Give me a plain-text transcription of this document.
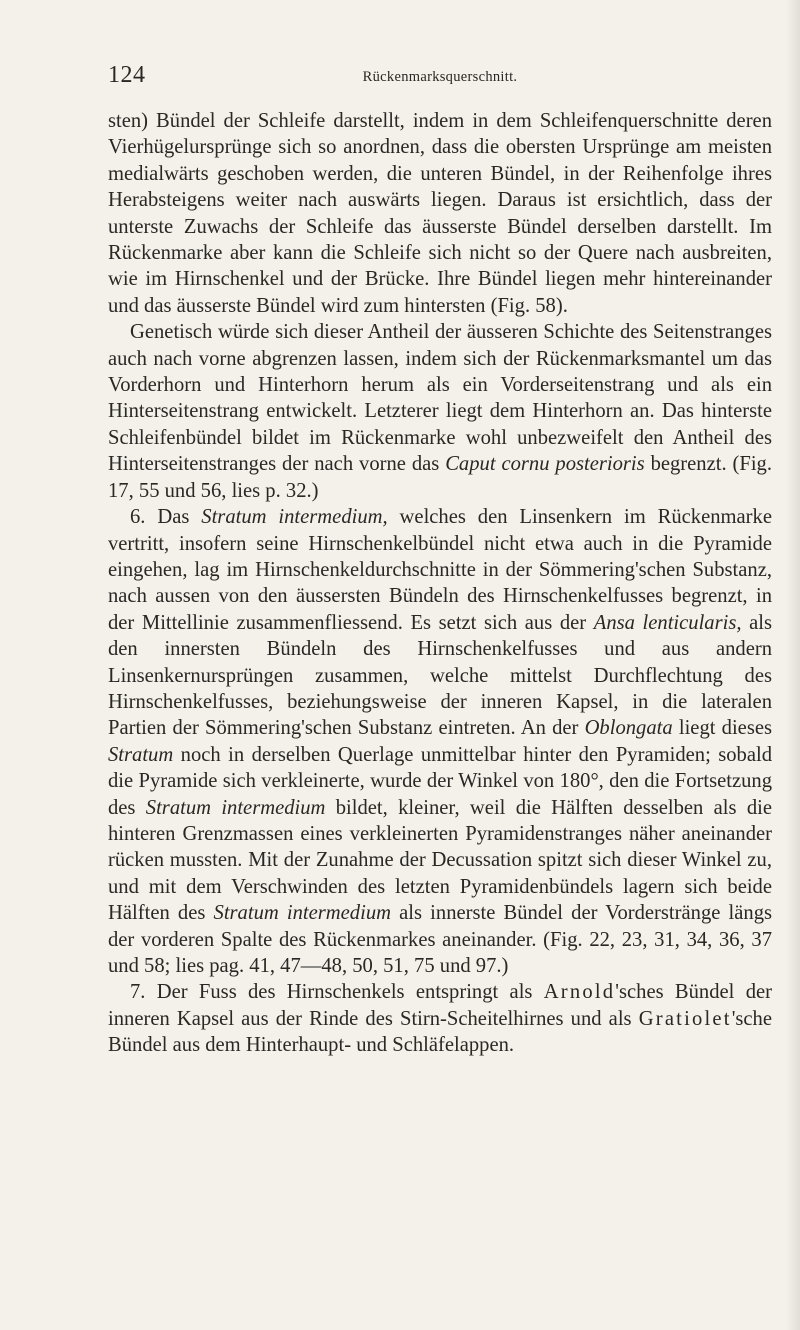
124	Rückenmarksquerschnitt.

sten) Bündel der Schleife darstellt, indem in dem Schleifenquerschnitte deren Vierhügelursprünge sich so anordnen, dass die obersten Ursprünge am meisten medialwärts geschoben werden, die unteren Bündel, in der Reihenfolge ihres Herabsteigens weiter nach auswärts liegen. Daraus ist ersichtlich, dass der unterste Zuwachs der Schleife das äusserste Bündel derselben darstellt. Im Rückenmarke aber kann die Schleife sich nicht so der Quere nach ausbreiten, wie im Hirnschenkel und der Brücke. Ihre Bündel liegen mehr hintereinander und das äusserste Bündel wird zum hintersten (Fig. 58).

Genetisch würde sich dieser Antheil der äusseren Schichte des Seitenstranges auch nach vorne abgrenzen lassen, indem sich der Rückenmarksmantel um das Vorderhorn und Hinterhorn herum als ein Vorderseitenstrang und als ein Hinterseitenstrang entwickelt. Letzterer liegt dem Hinterhorn an. Das hinterste Schleifenbündel bildet im Rückenmarke wohl unbezweifelt den Antheil des Hinterseitenstranges der nach vorne das Caput cornu posterioris begrenzt. (Fig. 17, 55 und 56, lies p. 32.)

6. Das Stratum intermedium, welches den Linsenkern im Rückenmarke vertritt, insofern seine Hirnschenkelbündel nicht etwa auch in die Pyramide eingehen, lag im Hirnschenkeldurchschnitte in der Sömmering'schen Substanz, nach aussen von den äussersten Bündeln des Hirnschenkelfusses begrenzt, in der Mittellinie zusammenfliessend. Es setzt sich aus der Ansa lenticularis, als den innersten Bündeln des Hirnschenkelfusses und aus andern Linsenkernursprüngen zusammen, welche mittelst Durchflechtung des Hirnschenkelfusses, beziehungsweise der inneren Kapsel, in die lateralen Partien der Sömmering'schen Substanz eintreten. An der Oblongata liegt dieses Stratum noch in derselben Querlage unmittelbar hinter den Pyramiden; sobald die Pyramide sich verkleinerte, wurde der Winkel von 180°, den die Fortsetzung des Stratum intermedium bildet, kleiner, weil die Hälften desselben als die hinteren Grenzmassen eines verkleinerten Pyramidenstranges näher aneinander rücken mussten. Mit der Zunahme der Decussation spitzt sich dieser Winkel zu, und mit dem Verschwinden des letzten Pyramidenbündels lagern sich beide Hälften des Stratum intermedium als innerste Bündel der Vorderstränge längs der vorderen Spalte des Rückenmarkes aneinander. (Fig. 22, 23, 31, 34, 36, 37 und 58; lies pag. 41, 47—48, 50, 51, 75 und 97.)

7. Der Fuss des Hirnschenkels entspringt als Arnold'sches Bündel der inneren Kapsel aus der Rinde des Stirn-Scheitelhirnes und als Gratiolet'sche Bündel aus dem Hinterhaupt- und Schläfelappen.
